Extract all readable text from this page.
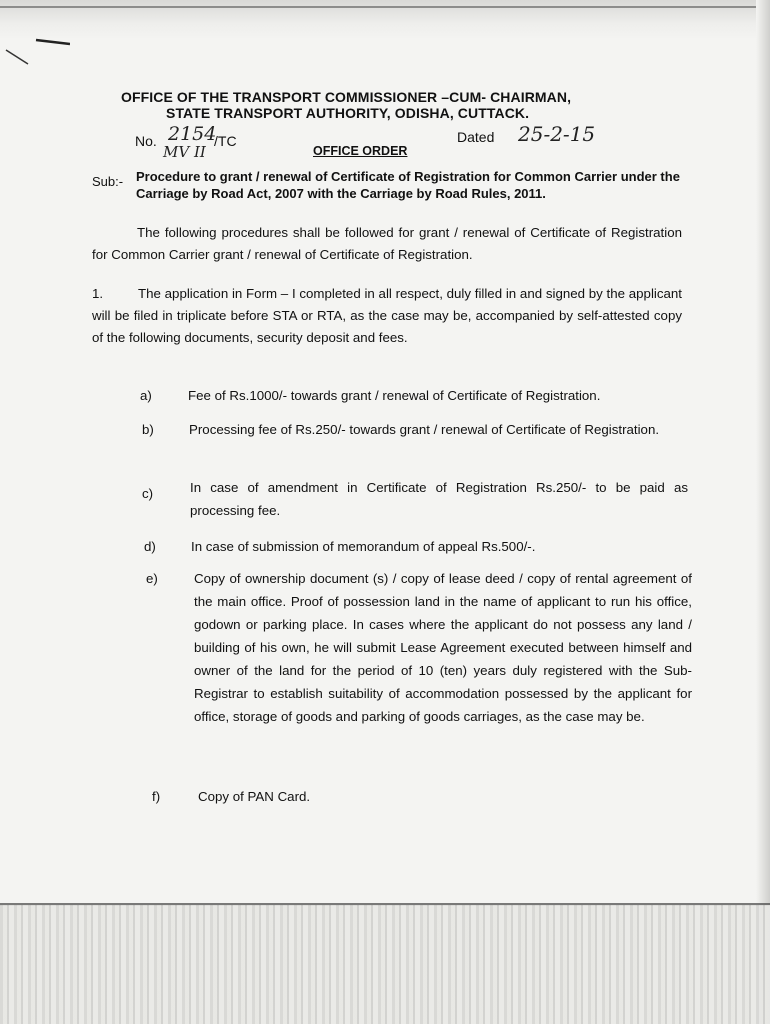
OFFICE OF THE TRANSPORT COMMISSIONER –CUM- CHAIRMAN,
STATE TRANSPORT AUTHORITY, ODISHA, CUTTACK.
No. 2154
/TC
MV II	OFFICE ORDER
Dated 25-2-15
Sub:- Procedure to grant / renewal of Certificate of Registration for Common Carrier under the Carriage by Road Act, 2007 with the Carriage by Road Rules, 2011.
The following procedures shall be followed for grant / renewal of Certificate of Registration for Common Carrier grant / renewal of Certificate of Registration.
1.	The application in Form – I completed in all respect, duly filled in and signed by the applicant will be filed in triplicate before STA or RTA, as the case may be, accompanied by self-attested copy of the following documents, security deposit and fees.
a)	Fee of Rs.1000/- towards grant / renewal of Certificate of Registration.
b)	Processing fee of Rs.250/- towards grant / renewal of Certificate of Registration.
c)	In case of amendment in Certificate of Registration Rs.250/- to be paid as processing fee.
d)	In case of submission of memorandum of appeal Rs.500/-.
e)	Copy of ownership document (s) / copy of lease deed / copy of rental agreement of the main office. Proof of possession land in the name of applicant to run his office, godown or parking place. In cases where the applicant do not possess any land / building of his own, he will submit Lease Agreement executed between himself and owner of the land for the period of 10 (ten) years duly registered with the Sub-Registrar to establish suitability of accommodation possessed by the applicant for office, storage of goods and parking of goods carriages, as the case may be.
f)	Copy of PAN Card.
